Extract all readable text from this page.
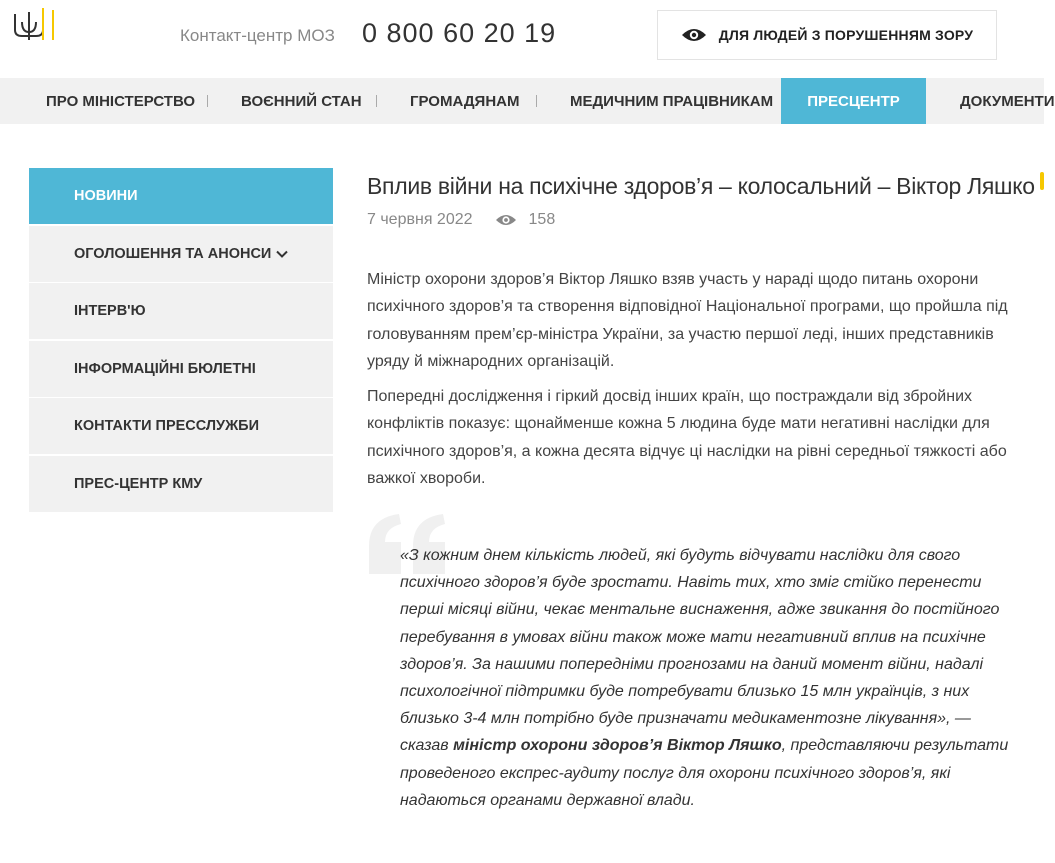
Контакт-центр МОЗ 0 800 60 20 19	ДЛЯ ЛЮДЕЙ З ПОРУШЕННЯМ ЗОРУ
ПРО МІНІСТЕРСТВО	ВОЄННИЙ СТАН	ГРОМАДЯНАМ	МЕДИЧНИМ ПРАЦІВНИКАМ	ПРЕСЦЕНТР	ДОКУМЕНТИ
НОВИНИ
ОГОЛОШЕННЯ ТА АНОНСИ
ІНТЕРВ'Ю
ІНФОРМАЦІЙНІ БЮЛЕТНІ
КОНТАКТИ ПРЕССЛУЖБИ
ПРЕС-ЦЕНТР КМУ
Вплив війни на психічне здоров’я – колосальний – Віктор Ляшко
7 червня 2022	158

Міністр охорони здоров’я Віктор Ляшко взяв участь у нараді щодо питань охорони психічного здоров’я та створення відповідної Національної програми, що пройшла під головуванням прем’єр-міністра України, за участю першої леді, інших представників уряду й міжнародних організацій.

Попередні дослідження і гіркий досвід інших країн, що постраждали від збройних конфліктів показує: щонайменше кожна 5 людина буде мати негативні наслідки для психічного здоров’я, а кожна десята відчує ці наслідки на рівні середньої тяжкості або важкої хвороби.

«З кожним днем кількість людей, які будуть відчувати наслідки для свого психічного здоров’я буде зростати. Навіть тих, хто зміг стійко перенести перші місяці війни, чекає ментальне виснаження, адже звикання до постійного перебування в умовах війни також може мати негативний вплив на психічне здоров’я. За нашими попередніми прогнозами на даний момент війни, надалі психологічної підтримки буде потребувати близько 15 млн українців, з них близько 3-4 млн потрібно буде призначати медикаментозне лікування», — сказав міністр охорони здоров’я Віктор Ляшко, представляючи результати проведеного експрес-аудиту послуг для охорони психічного здоров’я, які надаються органами державної влади.
